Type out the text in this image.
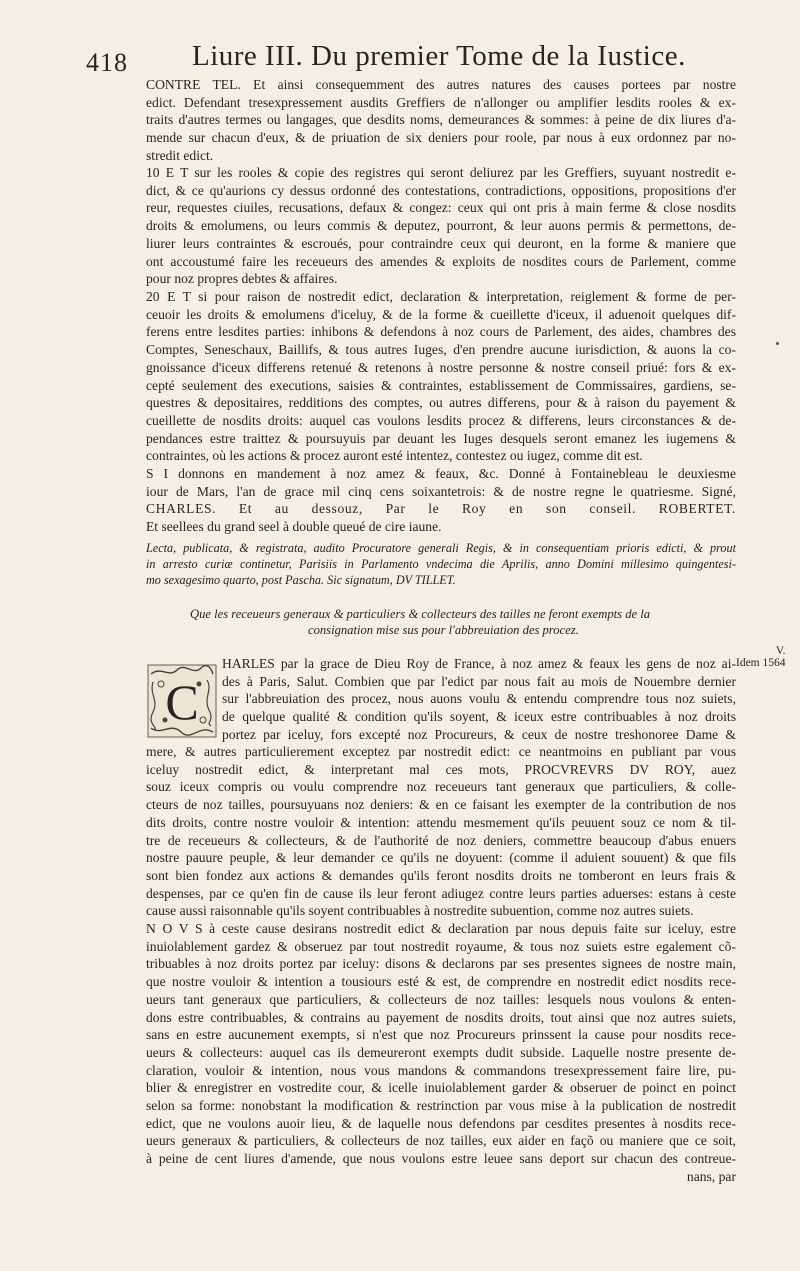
418 Liure III. Du premier Tome de la Iustice.
CONTRE TEL. Et ainsi consequemment des autres natures des causes portees par nostre
edict. Defendant tresexpressement ausdits Greffiers de n'allonger ou amplifier lesdits rooles & ex-
traits d'autres termes ou langages, que desdits noms, demeurances & sommes: à peine de dix liures d'a-
mende sur chacun d'eux, & de priuation de six deniers pour roole, par nous à eux ordonnez par no-
stredit edict.
10 E T sur les rooles & copie des registres qui seront deliurez par les Greffiers, suyuant nostredit e-
dict, & ce qu'aurions cy dessus ordonné des contestations, contradictions, oppositions, propositions d'er
reur, requestes ciuiles, recusations, defaux & congez: ceux qui ont pris à main ferme & close nosdits
droits & emolumens, ou leurs commis & deputez, pourront, & leur auons permis & permettons, de-
liurer leurs contraintes & escroués, pour contraindre ceux qui deuront, en la forme & maniere que
ont accoustumé faire les receueurs des amendes & exploits de nosdites cours de Parlement, comme
pour noz propres debtes & affaires.
20 E T si pour raison de nostredit edict, declaration & interpretation, reiglement & forme de per-
ceuoir les droits & emolumens d'iceluy, & de la forme & cueillette d'iceux, il aduenoit quelques dif-
ferens entre lesdites parties: inhibons & defendons à noz cours de Parlement, des aides, chambres des
Comptes, Seneschaux, Baillifs, & tous autres Iuges, d'en prendre aucune iurisdiction, & auons la co-
gnoissance d'iceux differens retenué & retenons à nostre personne & nostre conseil priué: fors & ex-
cepté seulement des executions, saisies & contraintes, establissement de Commissaires, gardiens, se-
questres & depositaires, redditions des comptes, ou autres differens, pour & à raison du payement &
cueillette de nosdits droits: auquel cas voulons lesdits procez & differens, leurs circonstances & de-
pendances estre traittez & poursuyuis par deuant les Iuges desquels seront emanez les iugemens &
contraintes, où les actions & procez auront esté intentez, contestez ou iugez, comme dit est.
S I donnons en mandement à noz amez & feaux, &c. Donné à Fontainebleau le deuxiesme
iour de Mars, l'an de grace mil cinq cens soixantetrois: & de nostre regne le quatriesme. Signé,
CHARLES. Et au dessouz, Par le Roy en son conseil. ROBERTET.
Et seellees du grand seel à double queué de cire iaune.
Lecta, publicata, & registrata, audito Procuratore generali Regis, & in consequentiam prioris edicti, & prout
in arresto curiæ continetur, Parisiis in Parlamento vndecima die Aprilis, anno Domini millesimo quingentesi-
mo sexagesimo quarto, post Pascha. Sic signatum, DV TILLET.
Que les receueurs generaux & particuliers & collecteurs des tailles ne feront exempts de la
consignation mise sus pour l'abbreuiation des procez.
V.
Idem 1564
C
HARLES par la grace de Dieu Roy de France, à noz amez & feaux les gens de noz ai-
des à Paris, Salut. Combien que par l'edict par nous fait au mois de Nouembre dernier
sur l'abbreuiation des procez, nous auons voulu & entendu comprendre tous noz suiets,
de quelque qualité & condition qu'ils soyent, & iceux estre contribuables à noz droits
portez par iceluy, fors excepté noz Procureurs, & ceux de nostre treshonoree Dame &
mere, & autres particulierement exceptez par nostredit edict: ce neantmoins en publiant par vous
iceluy nostredit edict, & interpretant mal ces mots, PROCVREVRS DV ROY, auez
souz iceux compris ou voulu comprendre noz receueurs tant generaux que particuliers, & colle-
cteurs de noz tailles, poursuyuans noz deniers: & en ce faisant les exempter de la contribution de nos
dits droits, contre nostre vouloir & intention: attendu mesmement qu'ils peuuent souz ce nom & til-
tre de receueurs & collecteurs, & de l'authorité de noz deniers, commettre beaucoup d'abus enuers
nostre pauure peuple, & leur demander ce qu'ils ne doyuent: (comme il aduient souuent) & que fils
sont bien fondez aux actions & demandes qu'ils feront nosdits droits ne tomberont en leurs frais &
despenses, par ce qu'en fin de cause ils leur feront adiugez contre leurs parties aduerses: estans à ceste
cause aussi raisonnable qu'ils soyent contribuables à nostredite subuention, comme noz autres suiets.
N O V S à ceste cause desirans nostredit edict & declaration par nous depuis faite sur iceluy, estre
inuiolablement gardez & obseruez par tout nostredit royaume, & tous noz suiets estre egalement cõ-
tribuables à noz droits portez par iceluy: disons & declarons par ses presentes signees de nostre main,
que nostre vouloir & intention a tousiours esté & est, de comprendre en nostredit edict nosdits rece-
ueurs tant generaux que particuliers, & collecteurs de noz tailles: lesquels nous voulons & enten-
dons estre contribuables, & contrains au payement de nosdits droits, tout ainsi que noz autres suiets,
sans en estre aucunement exempts, si n'est que noz Procureurs prinssent la cause pour nosdits rece-
ueurs & collecteurs: auquel cas ils demeureront exempts dudit subside. Laquelle nostre presente de-
claration, vouloir & intention, nous vous mandons & commandons tresexpressement faire lire, pu-
blier & enregistrer en vostredite cour, & icelle inuiolablement garder & obseruer de poinct en poinct
selon sa forme: nonobstant la modification & restrinction par vous mise à la publication de nostredit
edict, que ne voulons auoir lieu, & de laquelle nous defendons par cesdites presentes à nosdits rece-
ueurs generaux & particuliers, & collecteurs de noz tailles, eux aider en façõ ou maniere que ce soit,
à peine de cent liures d'amende, que nous voulons estre leuee sans deport sur chacun des contreue-
nans, par
